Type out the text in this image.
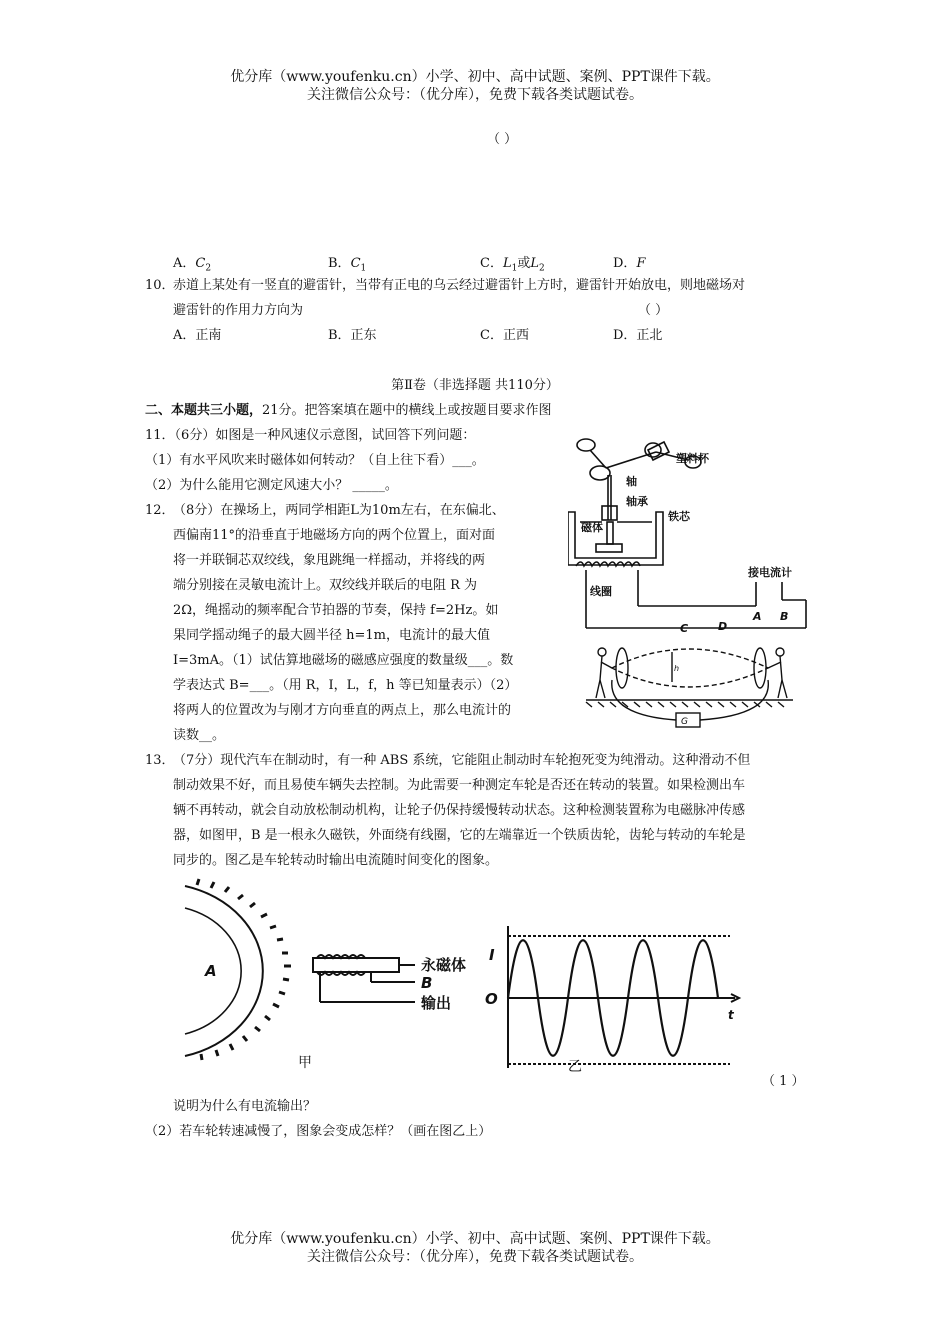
优分库（www.youfenku.cn）小学、初中、高中试题、案例、PPT课件下载。
关注微信公众号：（优分库），免费下载各类试题试卷。
（ ）
A．$C_2$	B．$C_1$	C．$L_1$或$L_2$	D．F
10．
赤道上某处有一竖直的避雷针，当带有正电的乌云经过避雷针上方时，避雷针开始放电，则地磁场对
避雷针的作用力方向为	（ ）
A．正南	B．正东	C．正西	D．正北
第Ⅱ卷（非选择题 共110分）
二、本题共三小题，21分。把答案填在题中的横线上或按题目要求作图
11．（6分）如图是一种风速仪示意图，试回答下列问题：
（1）有水平风吹来时磁体如何转动？（自上往下看）___。
（2）为什么能用它测定风速大小？ _____。
12．
（8分）在操场上，两同学相距L为10m左右，在东偏北、
西偏南11°的沿垂直于地磁场方向的两个位置上，面对面
将一并联铜芯双绞线，象甩跳绳一样摇动，并将线的两
端分别接在灵敏电流计上。双绞线并联后的电阻 R 为
2Ω，绳摇动的频率配合节拍器的节奏，保持 f=2Hz。如
果同学摇动绳子的最大圆半径 h=1m，电流计的最大值
I=3mA。（1）试估算地磁场的磁感应强度的数量级___。数
学表达式 B=___。（用 R，I，L，f，h 等已知量表示）（2）
将两人的位置改为与刚才方向垂直的两点上，那么电流计的
读数__。
塑料杯
轴
轴承
铁芯
磁体
线圈
接电流计
A B
C	D
G
h
13．
（7分）现代汽车在制动时，有一种 ABS 系统，它能阻止制动时车轮抱死变为纯滑动。这种滑动不但
制动效果不好，而且易使车辆失去控制。为此需要一种测定车轮是否还在转动的装置。如果检测出车
辆不再转动，就会自动放松制动机构，让轮子仍保持缓慢转动状态。这种检测装置称为电磁脉冲传感
器，如图甲，B 是一根永久磁铁，外面绕有线圈，它的左端靠近一个铁质齿轮，齿轮与转动的车轮是
同步的。图乙是车轮转动时输出电流随时间变化的图象。
A	永磁体
B
输出
I
O
t
甲	乙
（ 1 ）
说明为什么有电流输出？
（2）若车轮转速减慢了，图象会变成怎样？（画在图乙上）
优分库（www.youfenku.cn）小学、初中、高中试题、案例、PPT课件下载。
关注微信公众号：（优分库），免费下载各类试题试卷。
